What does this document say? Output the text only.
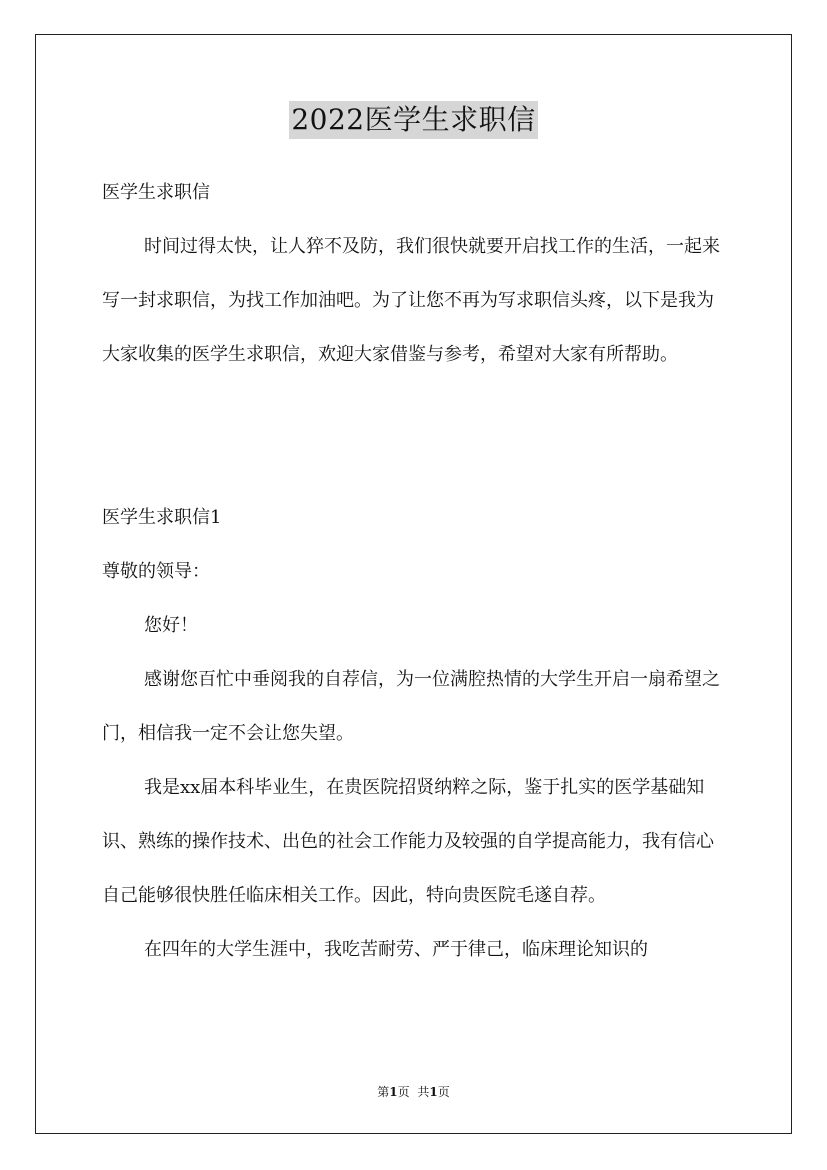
2022医学生求职信

医学生求职信

时间过得太快，让人猝不及防，我们很快就要开启找工作的生活，一起来写一封求职信，为找工作加油吧。为了让您不再为写求职信头疼，以下是我为大家收集的医学生求职信，欢迎大家借鉴与参考，希望对大家有所帮助。

医学生求职信1

尊敬的领导：

您好！

感谢您百忙中垂阅我的自荐信，为一位满腔热情的大学生开启一扇希望之门，相信我一定不会让您失望。

我是xx届本科毕业生，在贵医院招贤纳粹之际，鉴于扎实的医学基础知识、熟练的操作技术、出色的社会工作能力及较强的自学提高能力，我有信心自己能够很快胜任临床相关工作。因此，特向贵医院毛遂自荐。

在四年的大学生涯中，我吃苦耐劳、严于律己，临床理论知识的

第1页 共1页
